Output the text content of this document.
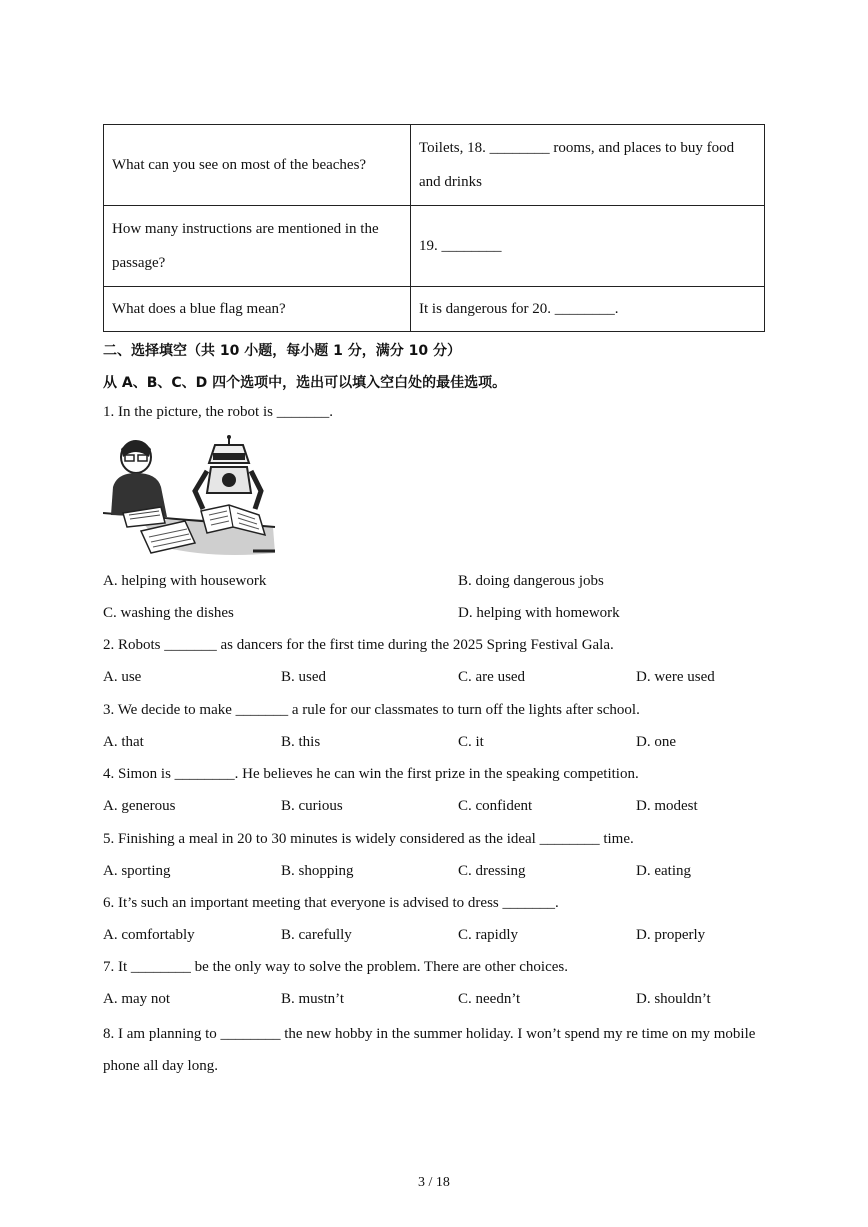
What can you see on most of the beaches?	Toilets, 18. ________ rooms, and places to buy food and drinks
How many instructions are mentioned in the passage?	19. ________
What does a blue flag mean?	It is dangerous for 20. ________.
二、选择填空（共 10 小题，每小题 1 分，满分 10 分）
从 A、B、C、D 四个选项中，选出可以填入空白处的最佳选项。
1. In the picture, the robot is _______.
A. helping with housework	B. doing dangerous jobs
C. washing the dishes	D. helping with homework
2. Robots _______ as dancers for the first time during the 2025 Spring Festival Gala.
A. use	B. used	C. are used	D. were used
3. We decide to make _______ a rule for our classmates to turn off the lights after school.
A. that	B. this	C. it	D. one
4. Simon is ________. He believes he can win the first prize in the speaking competition.
A. generous	B. curious	C. confident	D. modest
5. Finishing a meal in 20 to 30 minutes is widely considered as the ideal ________ time.
A. sporting	B. shopping	C. dressing	D. eating
6. It’s such an important meeting that everyone is advised to dress _______.
A. comfortably	B. carefully	C. rapidly	D. properly
7. It ________ be the only way to solve the problem. There are other choices.
A. may not	B. mustn’t	C. needn’t	D. shouldn’t
8. I am planning to ________ the new hobby in the summer holiday. I won’t spend my re time on my mobile phone all day long.
3 / 18
